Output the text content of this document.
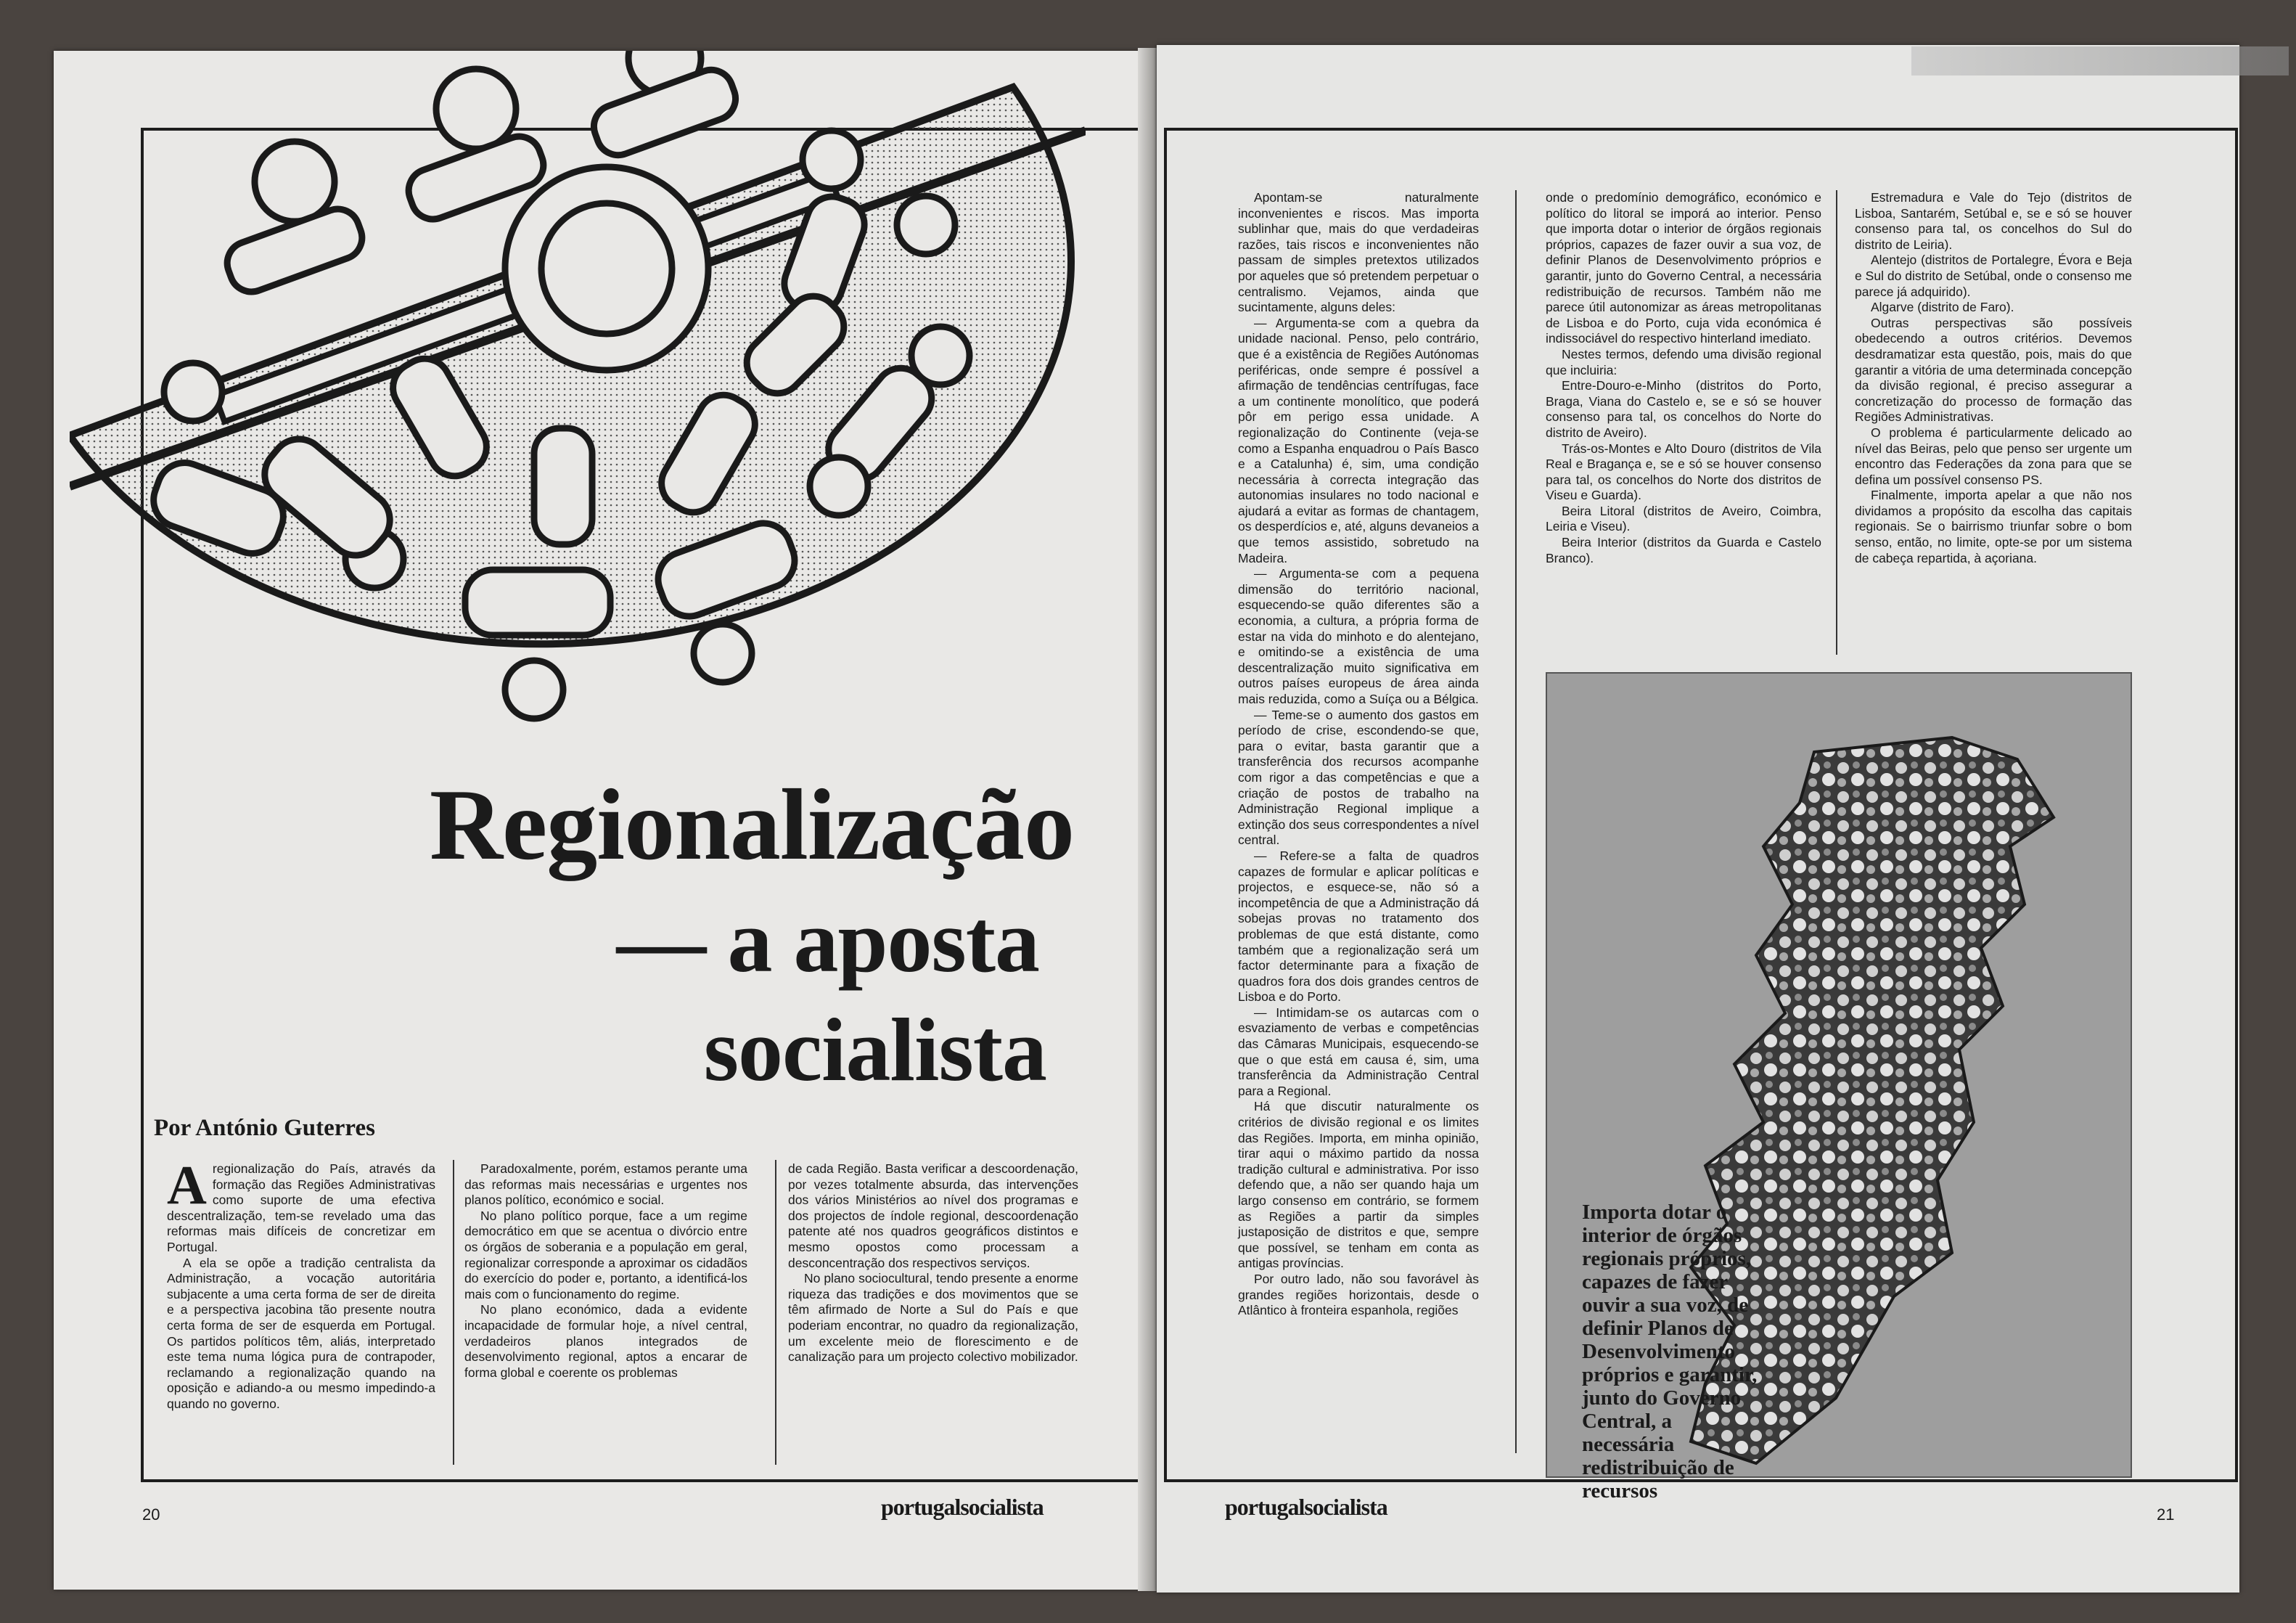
Regionalização
— a aposta
socialista
Por António Guterres

Aregionalização do País, através da formação das Regiões Administrativas como suporte de uma efectiva descentralização, tem-se revelado uma das reformas mais difíceis de concretizar em Portugal.

A ela se opõe a tradição centralista da Administração, a vocação autoritária subjacente a uma certa forma de ser de direita e a perspectiva jacobina tão presente noutra certa forma de ser de esquerda em Portugal. Os partidos políticos têm, aliás, interpretado este tema numa lógica pura de contrapoder, reclamando a regionalização quando na oposição e adiando-a ou mesmo impedindo-a quando no governo.

Paradoxalmente, porém, estamos perante uma das reformas mais necessárias e urgentes nos planos político, económico e social.

No plano político porque, face a um regime democrático em que se acentua o divórcio entre os órgãos de soberania e a população em geral, regionalizar corresponde a aproximar os cidadãos do exercício do poder e, portanto, a identificá-los mais com o funcionamento do regime.

No plano económico, dada a evidente incapacidade de formular hoje, a nível central, verdadeiros planos integrados de desenvolvimento regional, aptos a encarar de forma global e coerente os problemas

de cada Região. Basta verificar a descoordenação, por vezes totalmente absurda, das intervenções dos vários Ministérios ao nível dos programas e dos projectos de índole regional, descoordenação patente até nos quadros geográficos distintos e mesmo opostos como processam a desconcentração dos respectivos serviços.

No plano sociocultural, tendo presente a enorme riqueza das tradições e dos movimentos que se têm afirmado de Norte a Sul do País e que poderiam encontrar, no quadro da regionalização, um excelente meio de florescimento e de canalização para um projecto colectivo mobilizador.

20	portugalsocialista

Apontam-se naturalmente inconvenientes e riscos. Mas importa sublinhar que, mais do que verdadeiras razões, tais riscos e inconvenientes não passam de simples pretextos utilizados por aqueles que só pretendem perpetuar o centralismo. Vejamos, ainda que sucintamente, alguns deles:

— Argumenta-se com a quebra da unidade nacional. Penso, pelo contrário, que é a existência de Regiões Autónomas periféricas, onde sempre é possível a afirmação de tendências centrífugas, face a um continente monolítico, que poderá pôr em perigo essa unidade. A regionalização do Continente (veja-se como a Espanha enquadrou o País Basco e a Catalunha) é, sim, uma condição necessária à correcta integração das autonomias insulares no todo nacional e ajudará a evitar as formas de chantagem, os desperdícios e, até, alguns devaneios a que temos assistido, sobretudo na Madeira.

— Argumenta-se com a pequena dimensão do território nacional, esquecendo-se quão diferentes são a economia, a cultura, a própria forma de estar na vida do minhoto e do alentejano, e omitindo-se a existência de uma descentralização muito significativa em outros países europeus de área ainda mais reduzida, como a Suíça ou a Bélgica.

— Teme-se o aumento dos gastos em período de crise, escondendo-se que, para o evitar, basta garantir que a transferência dos recursos acompanhe com rigor a das competências e que a criação de postos de trabalho na Administração Regional implique a extinção dos seus correspondentes a nível central.

— Refere-se a falta de quadros capazes de formular e aplicar políticas e projectos, e esquece-se, não só a incompetência de que a Administração dá sobejas provas no tratamento dos problemas de que está distante, como também que a regionalização será um factor determinante para a fixação de quadros fora dos dois grandes centros de Lisboa e do Porto.

— Intimidam-se os autarcas com o esvaziamento de verbas e competências das Câmaras Municipais, esquecendo-se que o que está em causa é, sim, uma transferência da Administração Central para a Regional.

Há que discutir naturalmente os critérios de divisão regional e os limites das Regiões. Importa, em minha opinião, tirar aqui o máximo partido da nossa tradição cultural e administrativa. Por isso defendo que, a não ser quando haja um largo consenso em contrário, se formem as Regiões a partir da simples justaposição de distritos e que, sempre que possível, se tenham em conta as antigas províncias.

Por outro lado, não sou favorável às grandes regiões horizontais, desde o Atlântico à fronteira espanhola, regiões

onde o predomínio demográfico, económico e político do litoral se imporá ao interior. Penso que importa dotar o interior de órgãos regionais próprios, capazes de fazer ouvir a sua voz, de definir Planos de Desenvolvimento próprios e garantir, junto do Governo Central, a necessária redistribuição de recursos. Também não me parece útil autonomizar as áreas metropolitanas de Lisboa e do Porto, cuja vida económica é indissociável do respectivo hinterland imediato.

Nestes termos, defendo uma divisão regional que incluiria:

Entre-Douro-e-Minho (distritos do Porto, Braga, Viana do Castelo e, se e só se houver consenso para tal, os concelhos do Norte do distrito de Aveiro).

Trás-os-Montes e Alto Douro (distritos de Vila Real e Bragança e, se e só se houver consenso para tal, os concelhos do Norte dos distritos de Viseu e Guarda).

Beira Litoral (distritos de Aveiro, Coimbra, Leiria e Viseu).

Beira Interior (distritos da Guarda e Castelo Branco).

Estremadura e Vale do Tejo (distritos de Lisboa, Santarém, Setúbal e, se e só se houver consenso para tal, os concelhos do Sul do distrito de Leiria).

Alentejo (distritos de Portalegre, Évora e Beja e Sul do distrito de Setúbal, onde o consenso me parece já adquirido).

Algarve (distrito de Faro).

Outras perspectivas são possíveis obedecendo a outros critérios. Devemos desdramatizar esta questão, pois, mais do que garantir a vitória de uma determinada concepção da divisão regional, é preciso assegurar a concretização do processo de formação das Regiões Administrativas.

O problema é particularmente delicado ao nível das Beiras, pelo que penso ser urgente um encontro das Federações da zona para que se defina um possível consenso PS.

Finalmente, importa apelar a que não nos dividamos a propósito da escolha das capitais regionais. Se o bairrismo triunfar sobre o bom senso, então, no limite, opte-se por um sistema de cabeça repartida, à açoriana.

Importa dotar o interior de órgãos regionais próprios, capazes de fazer ouvir a sua voz, de definir Planos de Desenvolvimento próprios e garantir, junto do Governo Central, a necessária redistribuição de recursos
portugalsocialista	21
